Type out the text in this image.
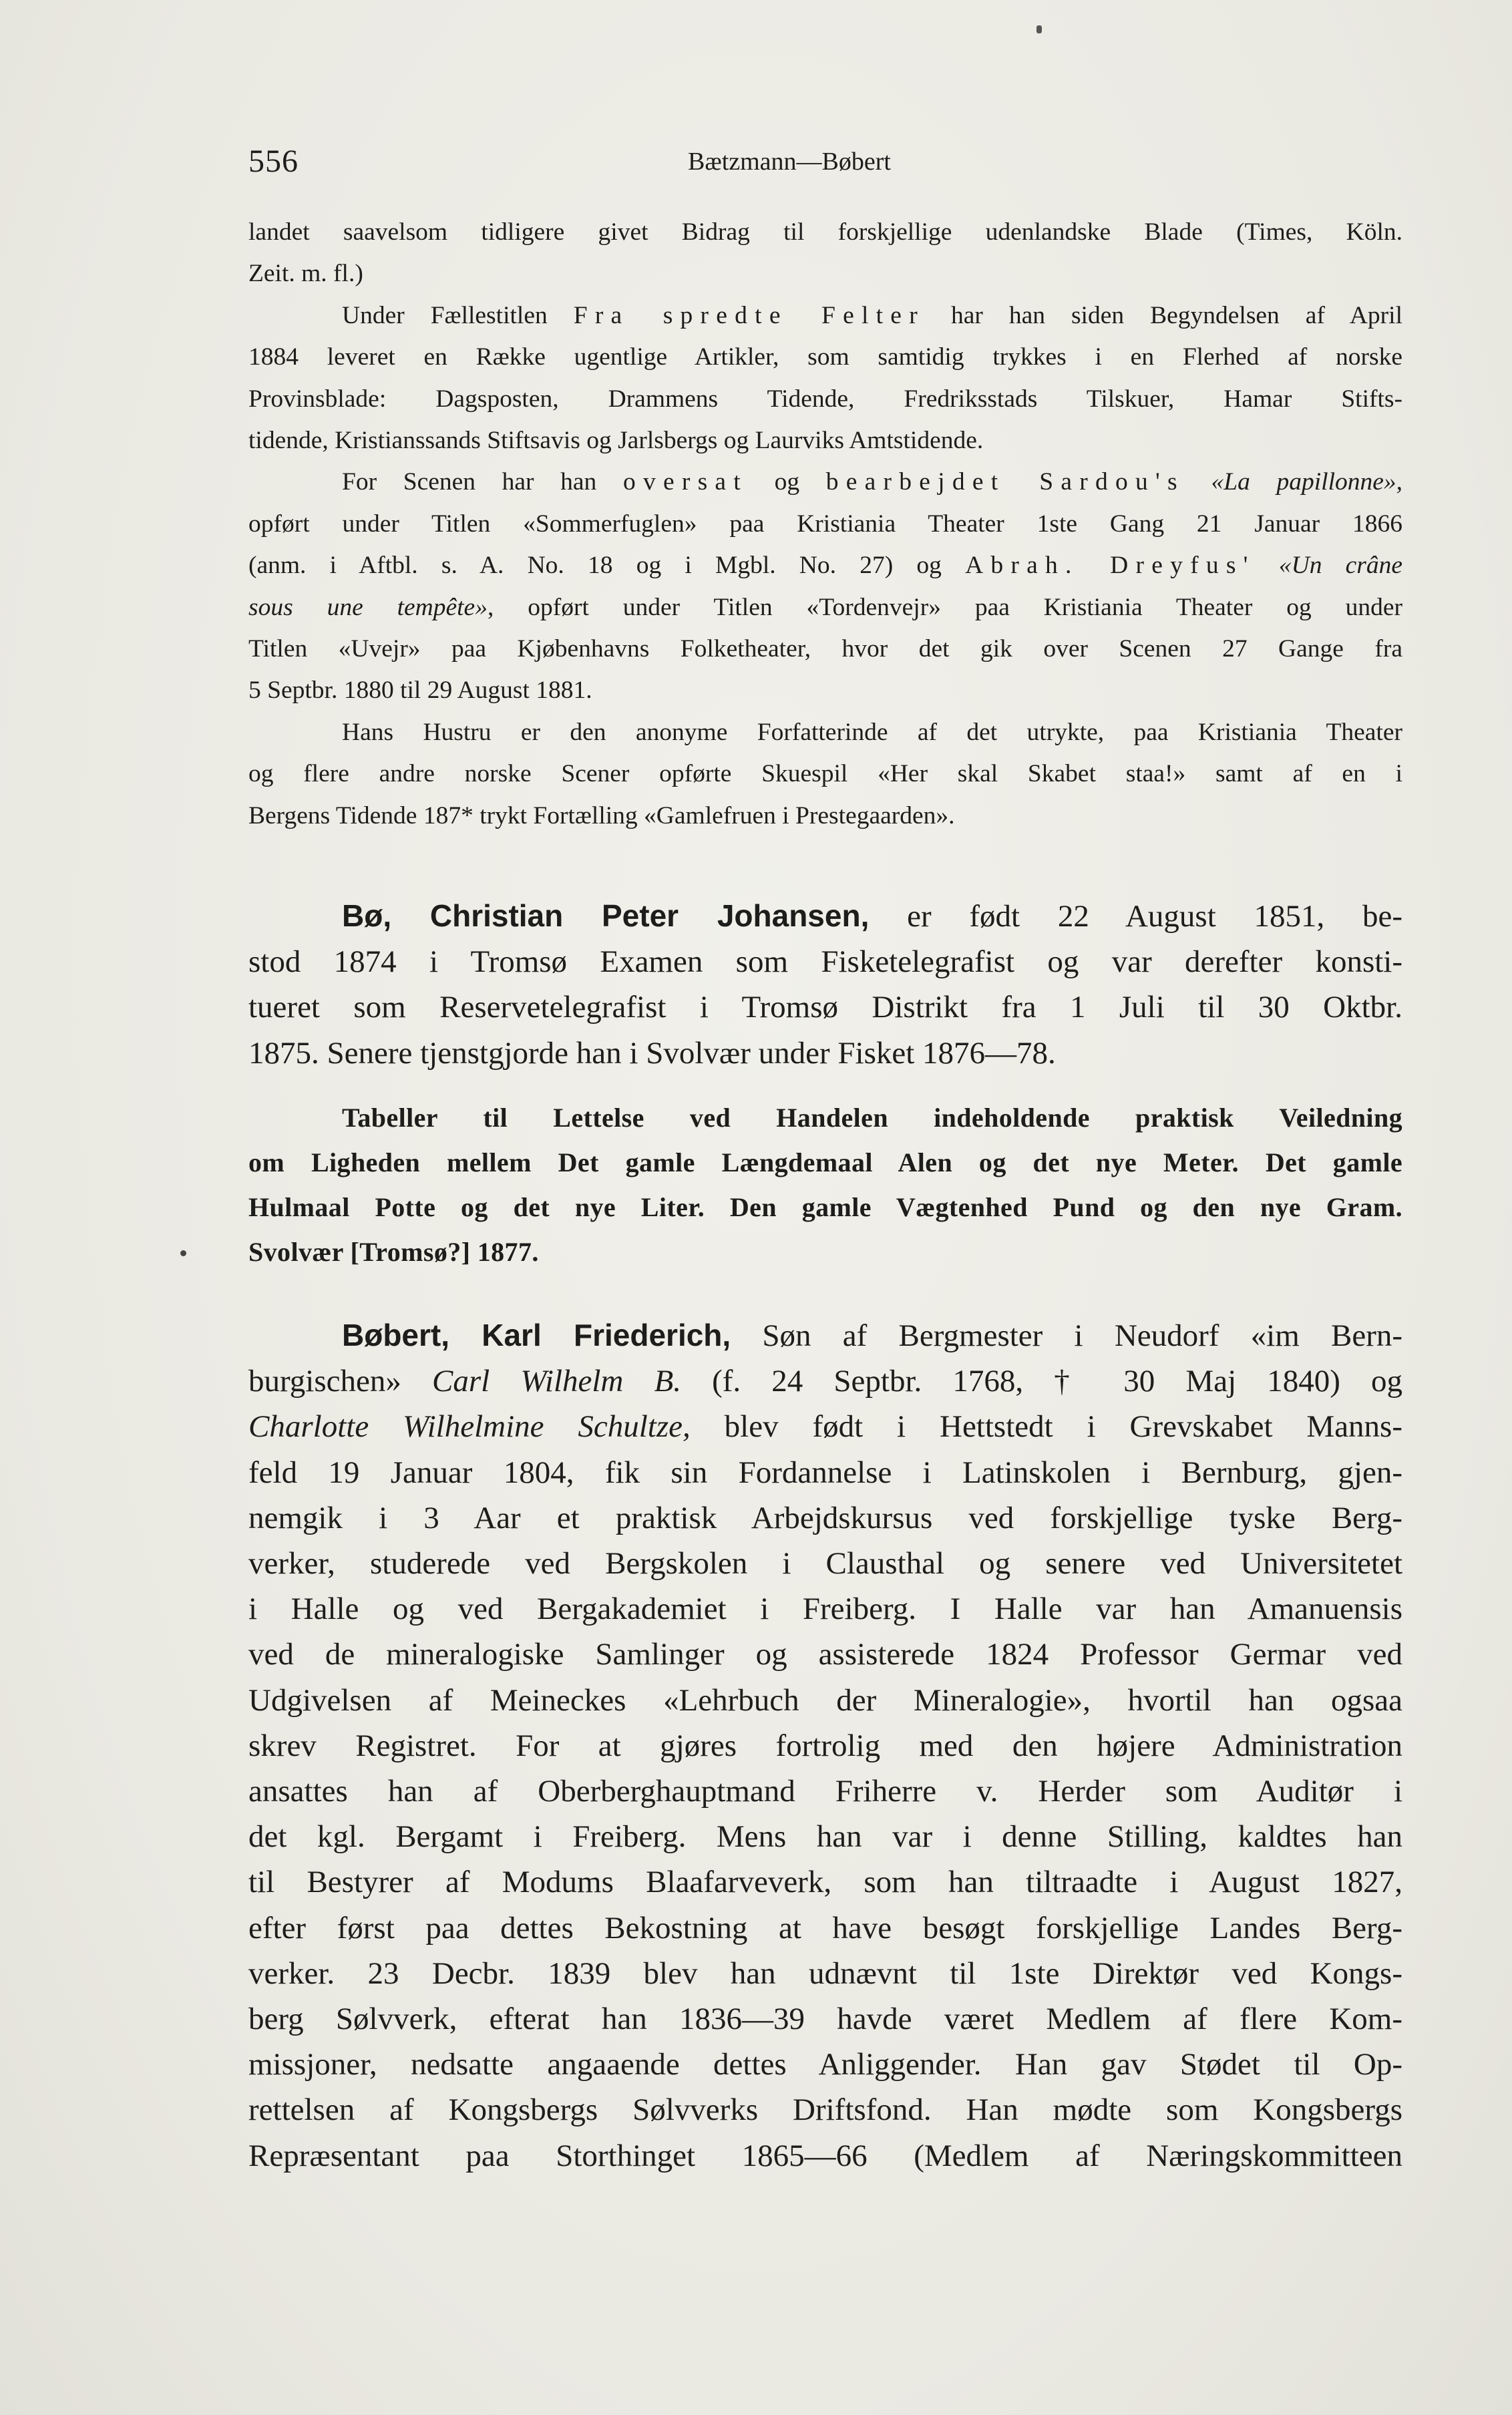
556	Bætzmann—Bøbert

landet saavelsom tidligere givet Bidrag til forskjellige udenlandske Blade (Times, Köln.

Zeit. m. fl.)

Under Fællestitlen Fra spredte Felter har han siden Begyndelsen af April

1884 leveret en Række ugentlige Artikler, som samtidig trykkes i en Flerhed af norske

Provinsblade: Dagsposten, Drammens Tidende, Fredriksstads Tilskuer, Hamar Stifts-

tidende, Kristianssands Stiftsavis og Jarlsbergs og Laurviks Amtstidende.

For Scenen har han oversat og bearbejdet Sardou's «La papillonne»,

opført under Titlen «Sommerfuglen» paa Kristiania Theater 1ste Gang 21 Januar 1866

(anm. i Aftbl. s. A. No. 18 og i Mgbl. No. 27) og Abrah. Dreyfus' «Un crâne

sous une tempête», opført under Titlen «Tordenvejr» paa Kristiania Theater og under

Titlen «Uvejr» paa Kjøbenhavns Folketheater, hvor det gik over Scenen 27 Gange fra

5 Septbr. 1880 til 29 August 1881.

Hans Hustru er den anonyme Forfatterinde af det utrykte, paa Kristiania Theater

og flere andre norske Scener opførte Skuespil «Her skal Skabet staa!» samt af en i

Bergens Tidende 187* trykt Fortælling «Gamlefruen i Prestegaarden».

Bø, Christian Peter Johansen, er født 22 August 1851, be-

stod 1874 i Tromsø Examen som Fisketelegrafist og var derefter konsti-

tueret som Reservetelegrafist i Tromsø Distrikt fra 1 Juli til 30 Oktbr.

1875. Senere tjenstgjorde han i Svolvær under Fisket 1876—78.

Tabeller til Lettelse ved Handelen indeholdende praktisk Veiledning

om Ligheden mellem Det gamle Længdemaal Alen og det nye Meter. Det gamle

Hulmaal Potte og det nye Liter. Den gamle Vægtenhed Pund og den nye Gram.

Svolvær [Tromsø?] 1877.

Bøbert, Karl Friederich, Søn af Bergmester i Neudorf «im Bern-

burgischen» Carl Wilhelm B. (f. 24 Septbr. 1768, † 30 Maj 1840) og

Charlotte Wilhelmine Schultze, blev født i Hettstedt i Grevskabet Manns-

feld 19 Januar 1804, fik sin Fordannelse i Latinskolen i Bernburg, gjen-

nemgik i 3 Aar et praktisk Arbejdskursus ved forskjellige tyske Berg-

verker, studerede ved Bergskolen i Clausthal og senere ved Universitetet

i Halle og ved Bergakademiet i Freiberg. I Halle var han Amanuensis

ved de mineralogiske Samlinger og assisterede 1824 Professor Germar ved

Udgivelsen af Meineckes «Lehrbuch der Mineralogie», hvortil han ogsaa

skrev Registret. For at gjøres fortrolig med den højere Administration

ansattes han af Oberberghauptmand Friherre v. Herder som Auditør i

det kgl. Bergamt i Freiberg. Mens han var i denne Stilling, kaldtes han

til Bestyrer af Modums Blaafarveverk, som han tiltraadte i August 1827,

efter først paa dettes Bekostning at have besøgt forskjellige Landes Berg-

verker. 23 Decbr. 1839 blev han udnævnt til 1ste Direktør ved Kongs-

berg Sølvverk, efterat han 1836—39 havde været Medlem af flere Kom-

missjoner, nedsatte angaaende dettes Anliggender. Han gav Stødet til Op-

rettelsen af Kongsbergs Sølvverks Driftsfond. Han mødte som Kongsbergs

Repræsentant paa Storthinget 1865—66 (Medlem af Næringskommitteen
